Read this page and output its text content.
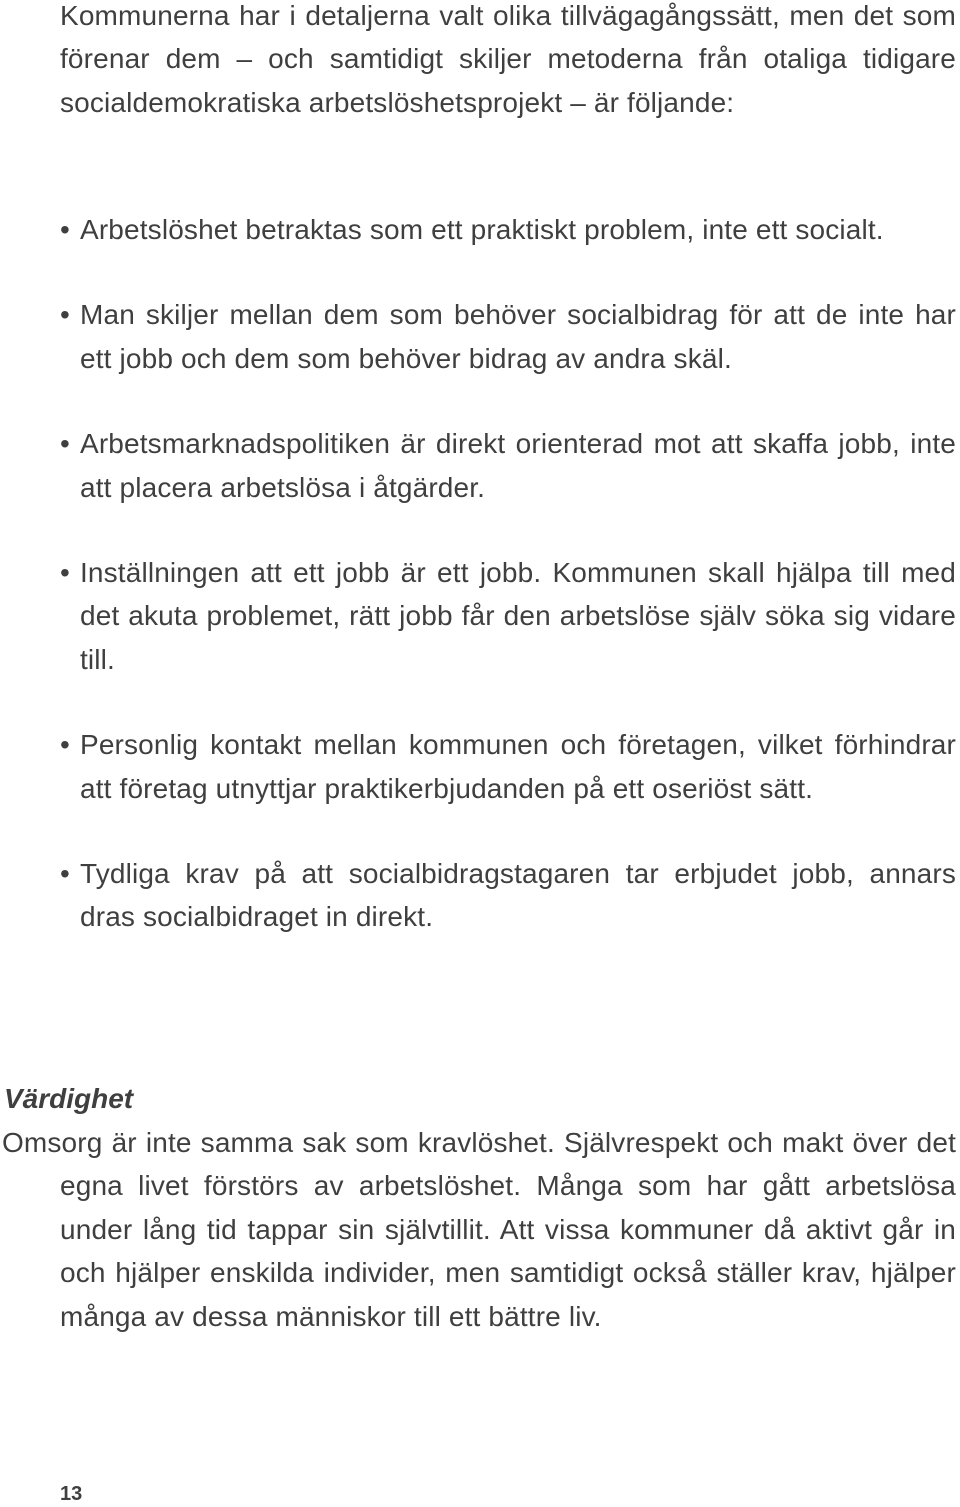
Kommunerna har i detaljerna valt olika tillvägagångssätt, men det som förenar dem – och samtidigt skiljer metoderna från otaliga tidigare socialdemokratiska arbetslöshetsprojekt – är följande:

• Arbetslöshet betraktas som ett praktiskt problem, inte ett socialt.
• Man skiljer mellan dem som behöver socialbidrag för att de inte har ett jobb och dem som behöver bidrag av andra skäl.
• Arbetsmarknadspolitiken är direkt orienterad mot att skaffa jobb, inte att placera arbetslösa i åtgärder.
• Inställningen att ett jobb är ett jobb. Kommunen skall hjälpa till med det akuta problemet, rätt jobb får den arbetslöse själv söka sig vidare till.
• Personlig kontakt mellan kommunen och företagen, vilket förhindrar att företag utnyttjar praktikerbjudanden på ett oseriöst sätt.
• Tydliga krav på att socialbidragstagaren tar erbjudet jobb, annars dras socialbidraget in direkt.
Värdighet

Omsorg är inte samma sak som kravlöshet. Självrespekt och makt över det egna livet förstörs av arbetslöshet. Många som har gått arbetslösa under lång tid tappar sin självtillit. Att vissa kommuner då aktivt går in och hjälper enskilda individer, men samtidigt också ställer krav, hjälper många av dessa människor till ett bättre liv.

13
